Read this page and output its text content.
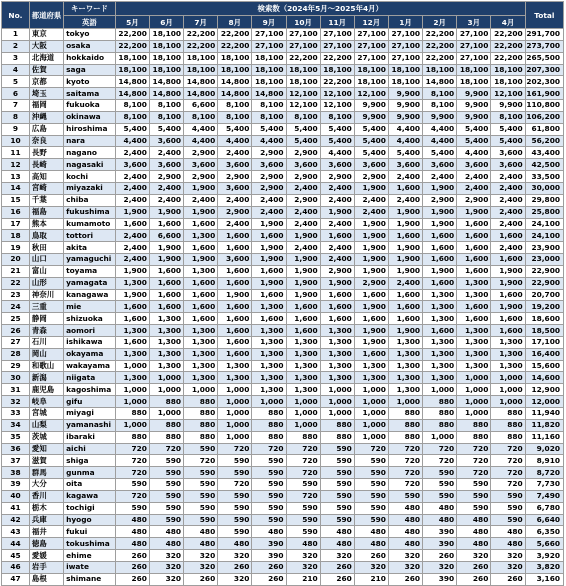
No.	都道府県	キーワード	検索数（2024年5月～2025年4月）												Total
		英語	5月	6月	7月	8月	9月	10月	11月	12月	1月	2月	3月	4月	
1	東京	tokyo	22,200	18,100	22,200	22,200	27,100	27,100	27,100	27,100	27,100	22,200	27,100	22,200	291,700
2	大阪	osaka	22,200	18,100	22,200	22,200	27,100	27,100	27,100	27,100	27,100	22,200	27,100	22,200	273,700
3	北海道	hokkaido	18,100	18,100	18,100	18,100	18,100	22,200	22,200	27,100	27,100	22,200	27,100	22,200	265,500
4	佐賀	saga	18,100	18,100	18,100	18,100	18,100	18,100	18,100	18,100	18,100	18,100	18,100	18,100	207,300
5	京都	kyoto	14,800	14,800	14,800	14,800	18,100	18,100	22,200	18,100	18,100	14,800	18,100	18,100	202,300
6	埼玉	saitama	14,800	14,800	14,800	14,800	14,800	12,100	12,100	12,100	9,900	8,100	9,900	12,100	161,900
7	福岡	fukuoka	8,100	8,100	6,600	8,100	8,100	12,100	12,100	9,900	9,900	8,100	9,900	9,900	110,800
8	沖縄	okinawa	8,100	8,100	8,100	8,100	8,100	8,100	8,100	9,900	9,900	9,900	9,900	8,100	106,200
9	広島	hiroshima	5,400	5,400	4,400	5,400	5,400	5,400	5,400	5,400	4,400	4,400	5,400	5,400	61,800
10	奈良	nara	4,400	3,600	4,400	4,400	4,400	5,400	5,400	5,400	4,400	4,400	5,400	5,400	56,200
11	長野	nagano	2,400	2,400	2,900	2,400	2,900	2,900	4,400	5,400	5,400	5,400	4,400	3,600	43,400
12	長崎	nagasaki	3,600	3,600	3,600	3,600	3,600	3,600	3,600	3,600	3,600	3,600	3,600	3,600	42,500
13	高知	kochi	2,400	2,900	2,900	2,900	2,900	2,900	2,900	2,900	2,400	2,400	2,400	2,400	33,500
14	宮崎	miyazaki	2,400	2,400	1,900	3,600	2,900	2,400	2,400	1,900	1,600	1,900	2,400	2,400	30,000
15	千葉	chiba	2,400	2,400	2,400	2,400	2,400	2,900	2,400	2,400	2,400	2,900	2,900	2,400	29,800
16	福島	fukushima	1,900	1,900	1,900	2,900	2,400	2,400	1,900	2,400	1,900	1,900	1,900	2,400	25,800
17	熊本	kumamoto	1,600	1,600	1,600	2,400	1,900	2,400	2,400	1,900	1,900	1,900	1,600	2,400	24,100
18	鳥取	tottori	2,400	6,600	1,300	1,600	1,600	1,900	1,600	1,900	1,600	1,600	1,600	1,600	24,100
19	秋田	akita	2,400	1,900	1,600	1,600	1,900	2,400	2,400	1,900	1,900	1,600	1,600	2,400	23,900
20	山口	yamaguchi	2,400	1,900	1,900	3,600	1,900	1,900	2,400	1,900	1,900	1,600	1,600	1,600	23,000
21	富山	toyama	1,900	1,600	1,300	1,600	1,600	1,900	2,900	1,900	1,900	1,900	1,600	1,900	22,900
22	山形	yamagata	1,300	1,600	1,600	1,600	1,900	1,900	1,900	2,900	2,400	1,600	1,300	1,900	22,900
23	神奈川	kanagawa	1,900	1,600	1,600	1,900	1,600	1,900	1,600	1,600	1,600	1,300	1,300	1,600	20,700
24	三重	mie	1,600	1,600	1,600	1,600	1,300	1,600	1,600	1,900	1,600	1,300	1,600	1,900	19,200
25	静岡	shizuoka	1,600	1,300	1,600	1,600	1,600	1,600	1,600	1,600	1,600	1,300	1,600	1,600	18,600
26	青森	aomori	1,300	1,300	1,300	1,600	1,300	1,600	1,300	1,900	1,900	1,600	1,300	1,600	18,500
27	石川	ishikawa	1,600	1,300	1,300	1,600	1,300	1,300	1,300	1,900	1,300	1,300	1,300	1,300	17,100
28	岡山	okayama	1,300	1,300	1,300	1,600	1,300	1,300	1,300	1,600	1,300	1,300	1,300	1,300	16,400
29	和歌山	wakayama	1,000	1,300	1,300	1,300	1,300	1,300	1,300	1,300	1,300	1,300	1,300	1,300	15,600
30	新潟	niigata	1,300	1,000	1,300	1,300	1,300	1,300	1,300	1,300	1,300	1,300	1,000	1,000	14,600
31	鹿児島	kagoshima	1,000	1,000	1,000	1,000	1,300	1,300	1,000	1,000	1,300	1,000	1,000	1,000	12,900
32	岐阜	gifu	1,000	880	880	1,000	1,000	1,000	1,000	1,000	1,000	880	1,000	1,000	12,000
33	宮城	miyagi	880	1,000	880	1,000	880	1,000	1,000	1,000	880	880	1,000	880	11,940
34	山梨	yamanashi	1,000	880	880	1,000	880	1,000	880	1,000	880	880	880	880	11,820
35	茨城	ibaraki	880	880	880	1,000	880	880	880	1,000	880	1,000	880	880	11,160
36	愛知	aichi	720	720	590	720	720	720	590	720	720	720	720	720	9,020
37	滋賀	shiga	720	590	720	590	590	720	590	590	720	720	720	720	8,910
38	群馬	gunma	720	590	590	590	590	720	590	590	720	590	720	720	8,720
39	大分	oita	590	590	590	720	590	590	590	590	720	590	590	720	7,730
40	香川	kagawa	720	590	590	590	590	720	590	590	590	590	590	590	7,490
41	栃木	tochigi	590	590	590	590	590	590	590	590	480	480	590	590	6,780
42	兵庫	hyogo	480	590	590	590	590	590	590	590	480	480	480	590	6,640
43	福井	fukui	480	480	480	590	480	590	480	480	480	390	480	480	6,350
44	徳島	tokushima	480	480	480	480	390	480	480	480	480	390	480	480	5,660
45	愛媛	ehime	260	320	320	320	390	320	320	260	320	260	320	320	3,920
46	岩手	iwate	260	320	320	260	260	320	260	320	320	320	260	320	3,820
47	島根	shimane	260	320	260	320	260	210	260	210	260	390	260	260	3,160
